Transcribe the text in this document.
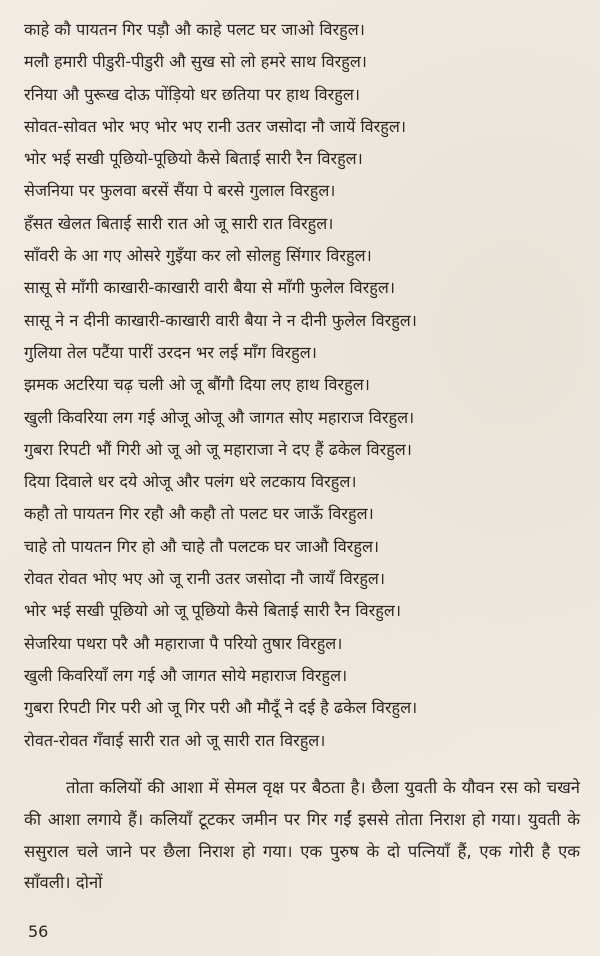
काहे कौ पायतन गिर पड़ौ औ काहे पलट घर जाओ विरहुल।
मलौ हमारी पीडुरी-पीडुरी औ सुख सो लो हमरे साथ विरहुल।
रनिया औ पुरूख दोऊ पोंड़ियो धर छतिया पर हाथ विरहुल।
सोवत-सोवत भोर भए भोर भए रानी उतर जसोदा नौ जायें विरहुल।
भोर भई सखी पूछियो-पूछियो कैसे बिताई सारी रैन विरहुल।
सेजनिया पर फुलवा बरसें सैंया पे बरसे गुलाल विरहुल।
हँसत खेलत बिताई सारी रात ओ जू सारी रात विरहुल।
साँवरी के आ गए ओसरे गुइँया कर लो सोलहु सिंगार विरहुल।
सासू से माँगी काखारी-काखारी वारी बैया से माँगी फुलेल विरहुल।
सासू ने न दीनी काखारी-काखारी वारी बैया ने न दीनी फुलेल विरहुल।
गुलिया तेल पटैंया पारीं उरदन भर लई माँग विरहुल।
झमक अटरिया चढ़ चली ओ जू बौंगौ दिया लए हाथ विरहुल।
खुली किवरिया लग गई ओजू ओजू औ जागत सोए महाराज विरहुल।
गुबरा रिपटी भौं गिरी ओ जू ओ जू महाराजा ने दए हैं ढकेल विरहुल।
दिया दिवाले धर दये ओजू और पलंग धरे लटकाय विरहुल।
कहौ तो पायतन गिर रहौ औ कहौ तो पलट घर जाऊँ विरहुल।
चाहे तो पायतन गिर हो औ चाहे तौ पलटक घर जाऔ विरहुल।
रोवत रोवत भोए भए ओ जू रानी उतर जसोदा नौ जायँ विरहुल।
भोर भई सखी पूछियो ओ जू पूछियो कैसे बिताई सारी रैन विरहुल।
सेजरिया पथरा परै औ महाराजा पै परियो तुषार विरहुल।
खुली किवरियाँ लग गई औ जागत सोये महाराज विरहुल।
गुबरा रिपटी गिर परी ओ जू गिर परी औ मौदूँ ने दई है ढकेल विरहुल।
रोवत-रोवत गँवाई सारी रात ओ जू सारी रात विरहुल।

तोता कलियों की आशा में सेमल वृक्ष पर बैठता है। छैला युवती के यौवन रस को चखने की आशा लगाये हैं। कलियाँ टूटकर जमीन पर गिर गईं इससे तोता निराश हो गया। युवती के ससुराल चले जाने पर छैला निराश हो गया। एक पुरुष के दो पत्नियाँ हैं, एक गोरी है एक साँवली। दोनों

56
